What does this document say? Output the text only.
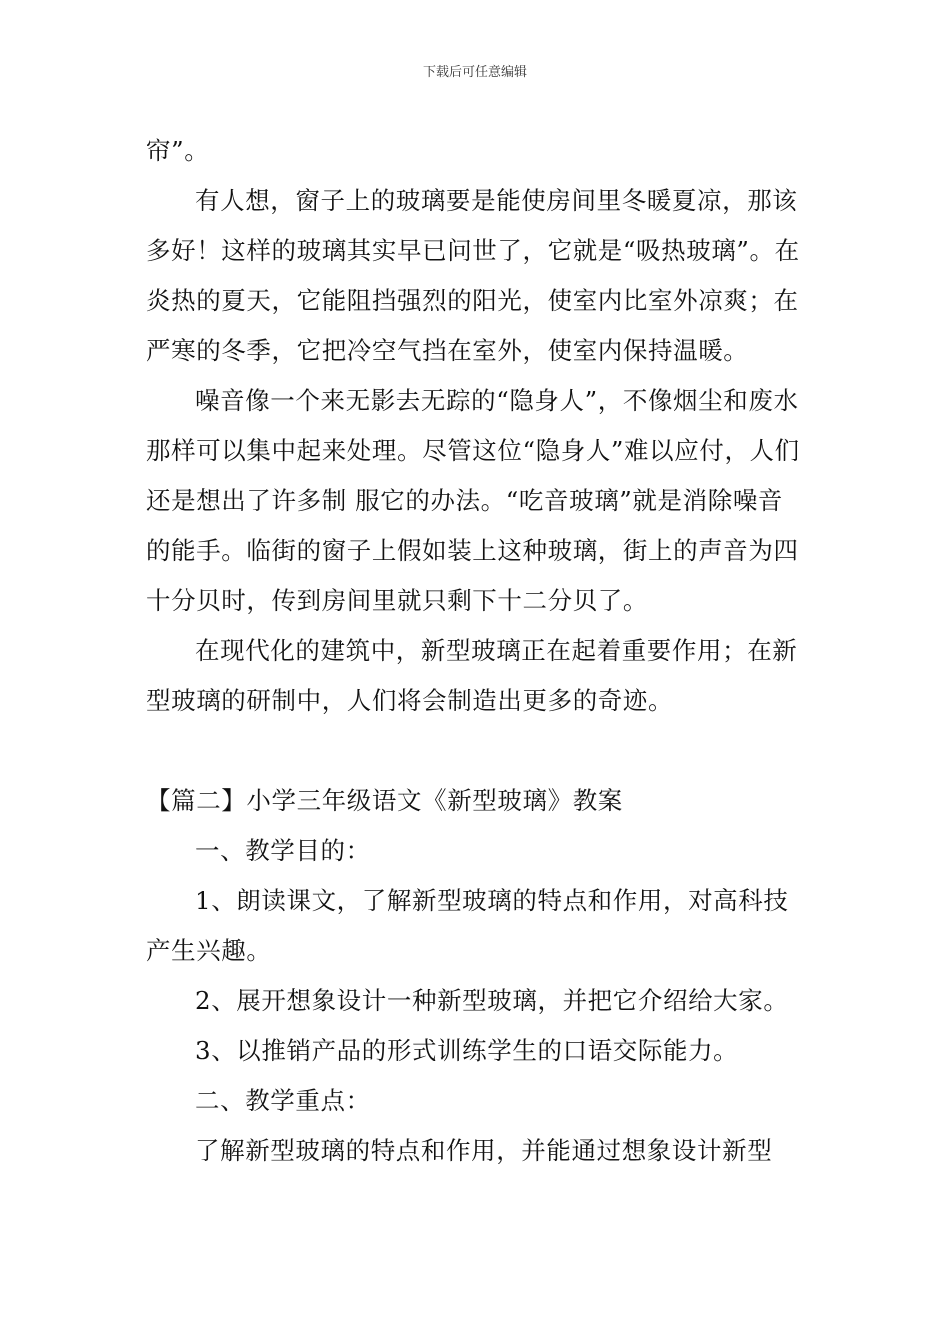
下载后可任意编辑

帘”。

有人想，窗子上的玻璃要是能使房间里冬暖夏凉，那该多好！这样的玻璃其实早已问世了，它就是“吸热玻璃”。在炎热的夏天，它能阻挡强烈的阳光，使室内比室外凉爽；在严寒的冬季，它把冷空气挡在室外，使室内保持温暖。

噪音像一个来无影去无踪的“隐身人”，不像烟尘和废水那样可以集中起来处理。尽管这位“隐身人”难以应付，人们还是想出了许多制 服它的办法。“吃音玻璃”就是消除噪音的能手。临街的窗子上假如装上这种玻璃，街上的声音为四十分贝时，传到房间里就只剩下十二分贝了。

在现代化的建筑中，新型玻璃正在起着重要作用；在新型玻璃的研制中，人们将会制造出更多的奇迹。

【篇二】小学三年级语文《新型玻璃》教案

一、教学目的：

1、朗读课文，了解新型玻璃的特点和作用，对高科技产生兴趣。

2、展开想象设计一种新型玻璃，并把它介绍给大家。

3、以推销产品的形式训练学生的口语交际能力。

二、教学重点：

了解新型玻璃的特点和作用，并能通过想象设计新型
